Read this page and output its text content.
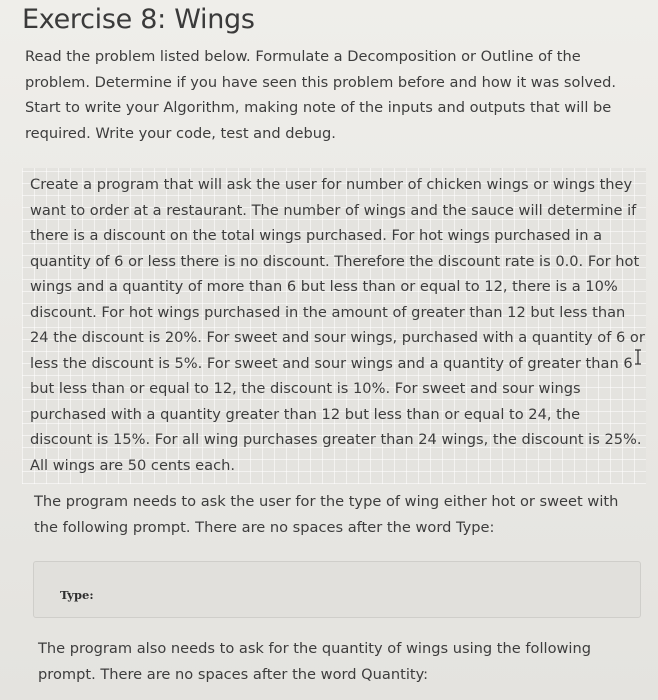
Exercise 8: Wings
Read the problem listed below. Formulate a Decomposition or Outline of the problem. Determine if you have seen this problem before and how it was solved. Start to write your Algorithm, making note of the inputs and outputs that will be required. Write your code, test and debug.
Create a program that will ask the user for number of chicken wings or wings they want to order at a restaurant. The number of wings and the sauce will determine if there is a discount on the total wings purchased. For hot wings purchased in a quantity of 6 or less there is no discount. Therefore the discount rate is 0.0. For hot wings and a quantity of more than 6 but less than or equal to 12, there is a 10% discount. For hot wings purchased in the amount of greater than 12 but less than 24 the discount is 20%. For sweet and sour wings, purchased with a quantity of 6 or less the discount is 5%. For sweet and sour wings and a quantity of greater than 6 but less than or equal to 12, the discount is 10%. For sweet and sour wings purchased with a quantity greater than 12 but less than or equal to 24, the discount is 15%. For all wing purchases greater than 24 wings, the discount is 25%. All wings are 50 cents each.
The program needs to ask the user for the type of wing either hot or sweet with the following prompt. There are no spaces after the word Type:
Type:
The program also needs to ask for the quantity of wings using the following prompt. There are no spaces after the word Quantity:
